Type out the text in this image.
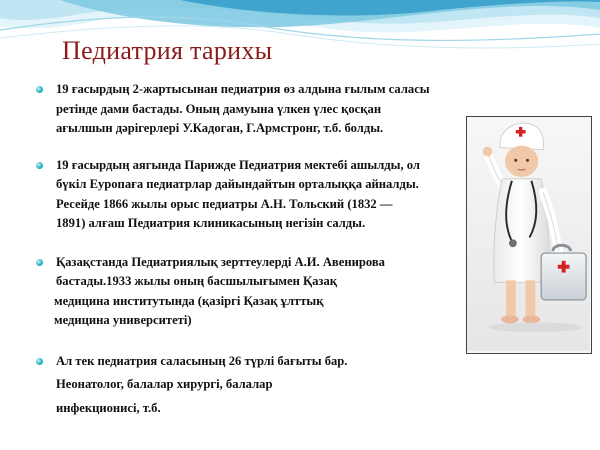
Педиатрия тарихы
19 ғасырдың 2-жартысынан педиатрия өз алдына ғылым саласы
ретінде дами бастады. Оның дамуына үлкен үлес қосқан
ағылшын дәрігерлері У.Кадоган, Г.Армстронг, т.б. болды.
19 ғасырдың аягында Парижде Педиатрия мектебі ашылды, ол
бүкіл Еуропаға педиатрлар дайындайтын орталыққа айналды.
Ресейде 1866 жылы орыс педиатры А.Н. Тольский (1832 —
1891) алғаш Педиатрия клиникасының негізін салды.
Қазақстанда Педиатриялық зерттеулерді А.И. Авенирова
бастады.1933 жылы оның басшылығымен Қазақ
медицина институтында (қазіргі Қазақ ұлттық
медицина университеті)
Ал тек педиатрия саласының 26 түрлі бағыты бар.
Неонатолог, балалар хирургі, балалар
инфекционисі, т.б.
